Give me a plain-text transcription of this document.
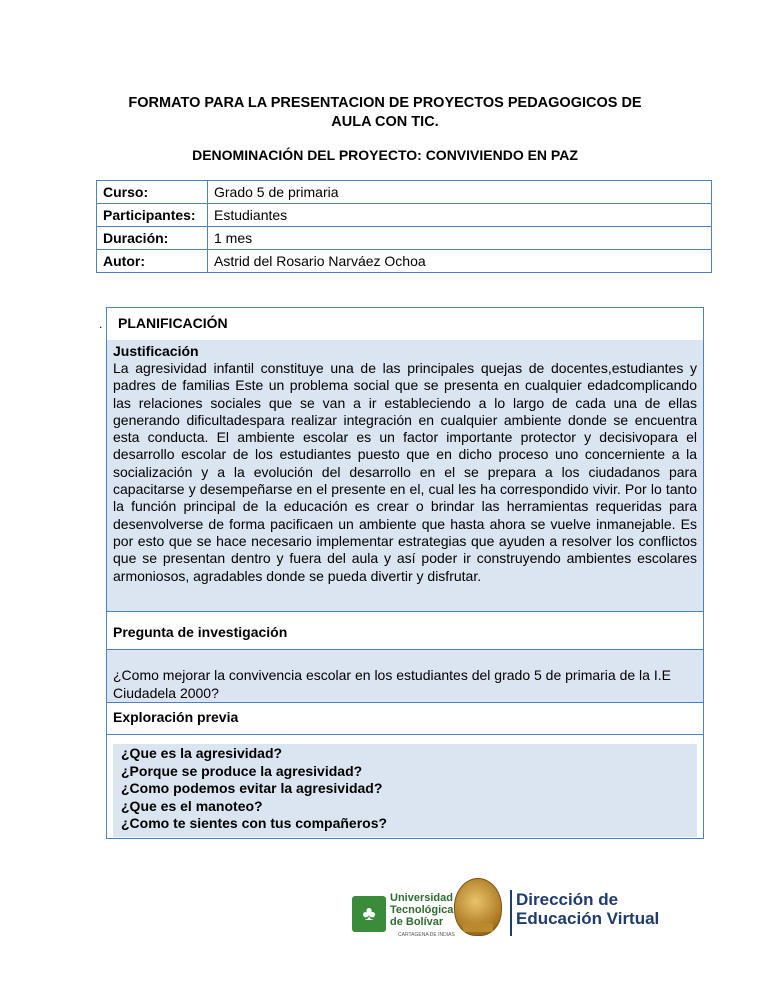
FORMATO PARA LA PRESENTACION DE PROYECTOS PEDAGOGICOS DE
AULA CON TIC.
DENOMINACIÓN DEL PROYECTO: CONVIVIENDO EN PAZ
Curso:	Grado 5 de primaria
Participantes:	Estudiantes
Duración:	1 mes
Autor:	Astrid del Rosario Narváez Ochoa
. PLANIFICACIÓN
Justificación
La agresividad infantil constituye una de las principales quejas de docentes,estudiantes y padres de familias Este un problema social que se presenta en cualquier edadcomplicando las relaciones sociales que se van a ir estableciendo a lo largo de cada una de ellas generando dificultadespara realizar integración en cualquier ambiente donde se encuentra esta conducta. El ambiente escolar es un factor importante protector y decisivopara el desarrollo escolar de los estudiantes puesto que en dicho proceso uno concerniente a la socialización y a la evolución del desarrollo en el se prepara a los ciudadanos para capacitarse y desempeñarse en el presente en el, cual les ha correspondido vivir. Por lo tanto la función principal de la educación es crear o brindar las herramientas requeridas para desenvolverse de forma pacificaen un ambiente que hasta ahora se vuelve inmanejable. Es por esto que se hace necesario implementar estrategias que ayuden a resolver los conflictos que se presentan dentro y fuera del aula y así poder ir construyendo ambientes escolares armoniosos, agradables donde se pueda divertir y disfrutar.
Pregunta de investigación
¿Como mejorar la convivencia escolar en los estudiantes del grado 5 de primaria de la I.E Ciudadela 2000?
Exploración previa
¿Que es la agresividad?
¿Porque se produce la agresividad?
¿Como podemos evitar la agresividad?
¿Que es el manoteo?
¿Como te sientes con tus compañeros?
♣
Universidad
Tecnológica
de Bolívar
CARTAGENA DE INDIAS
Dirección de
Educación Virtual
